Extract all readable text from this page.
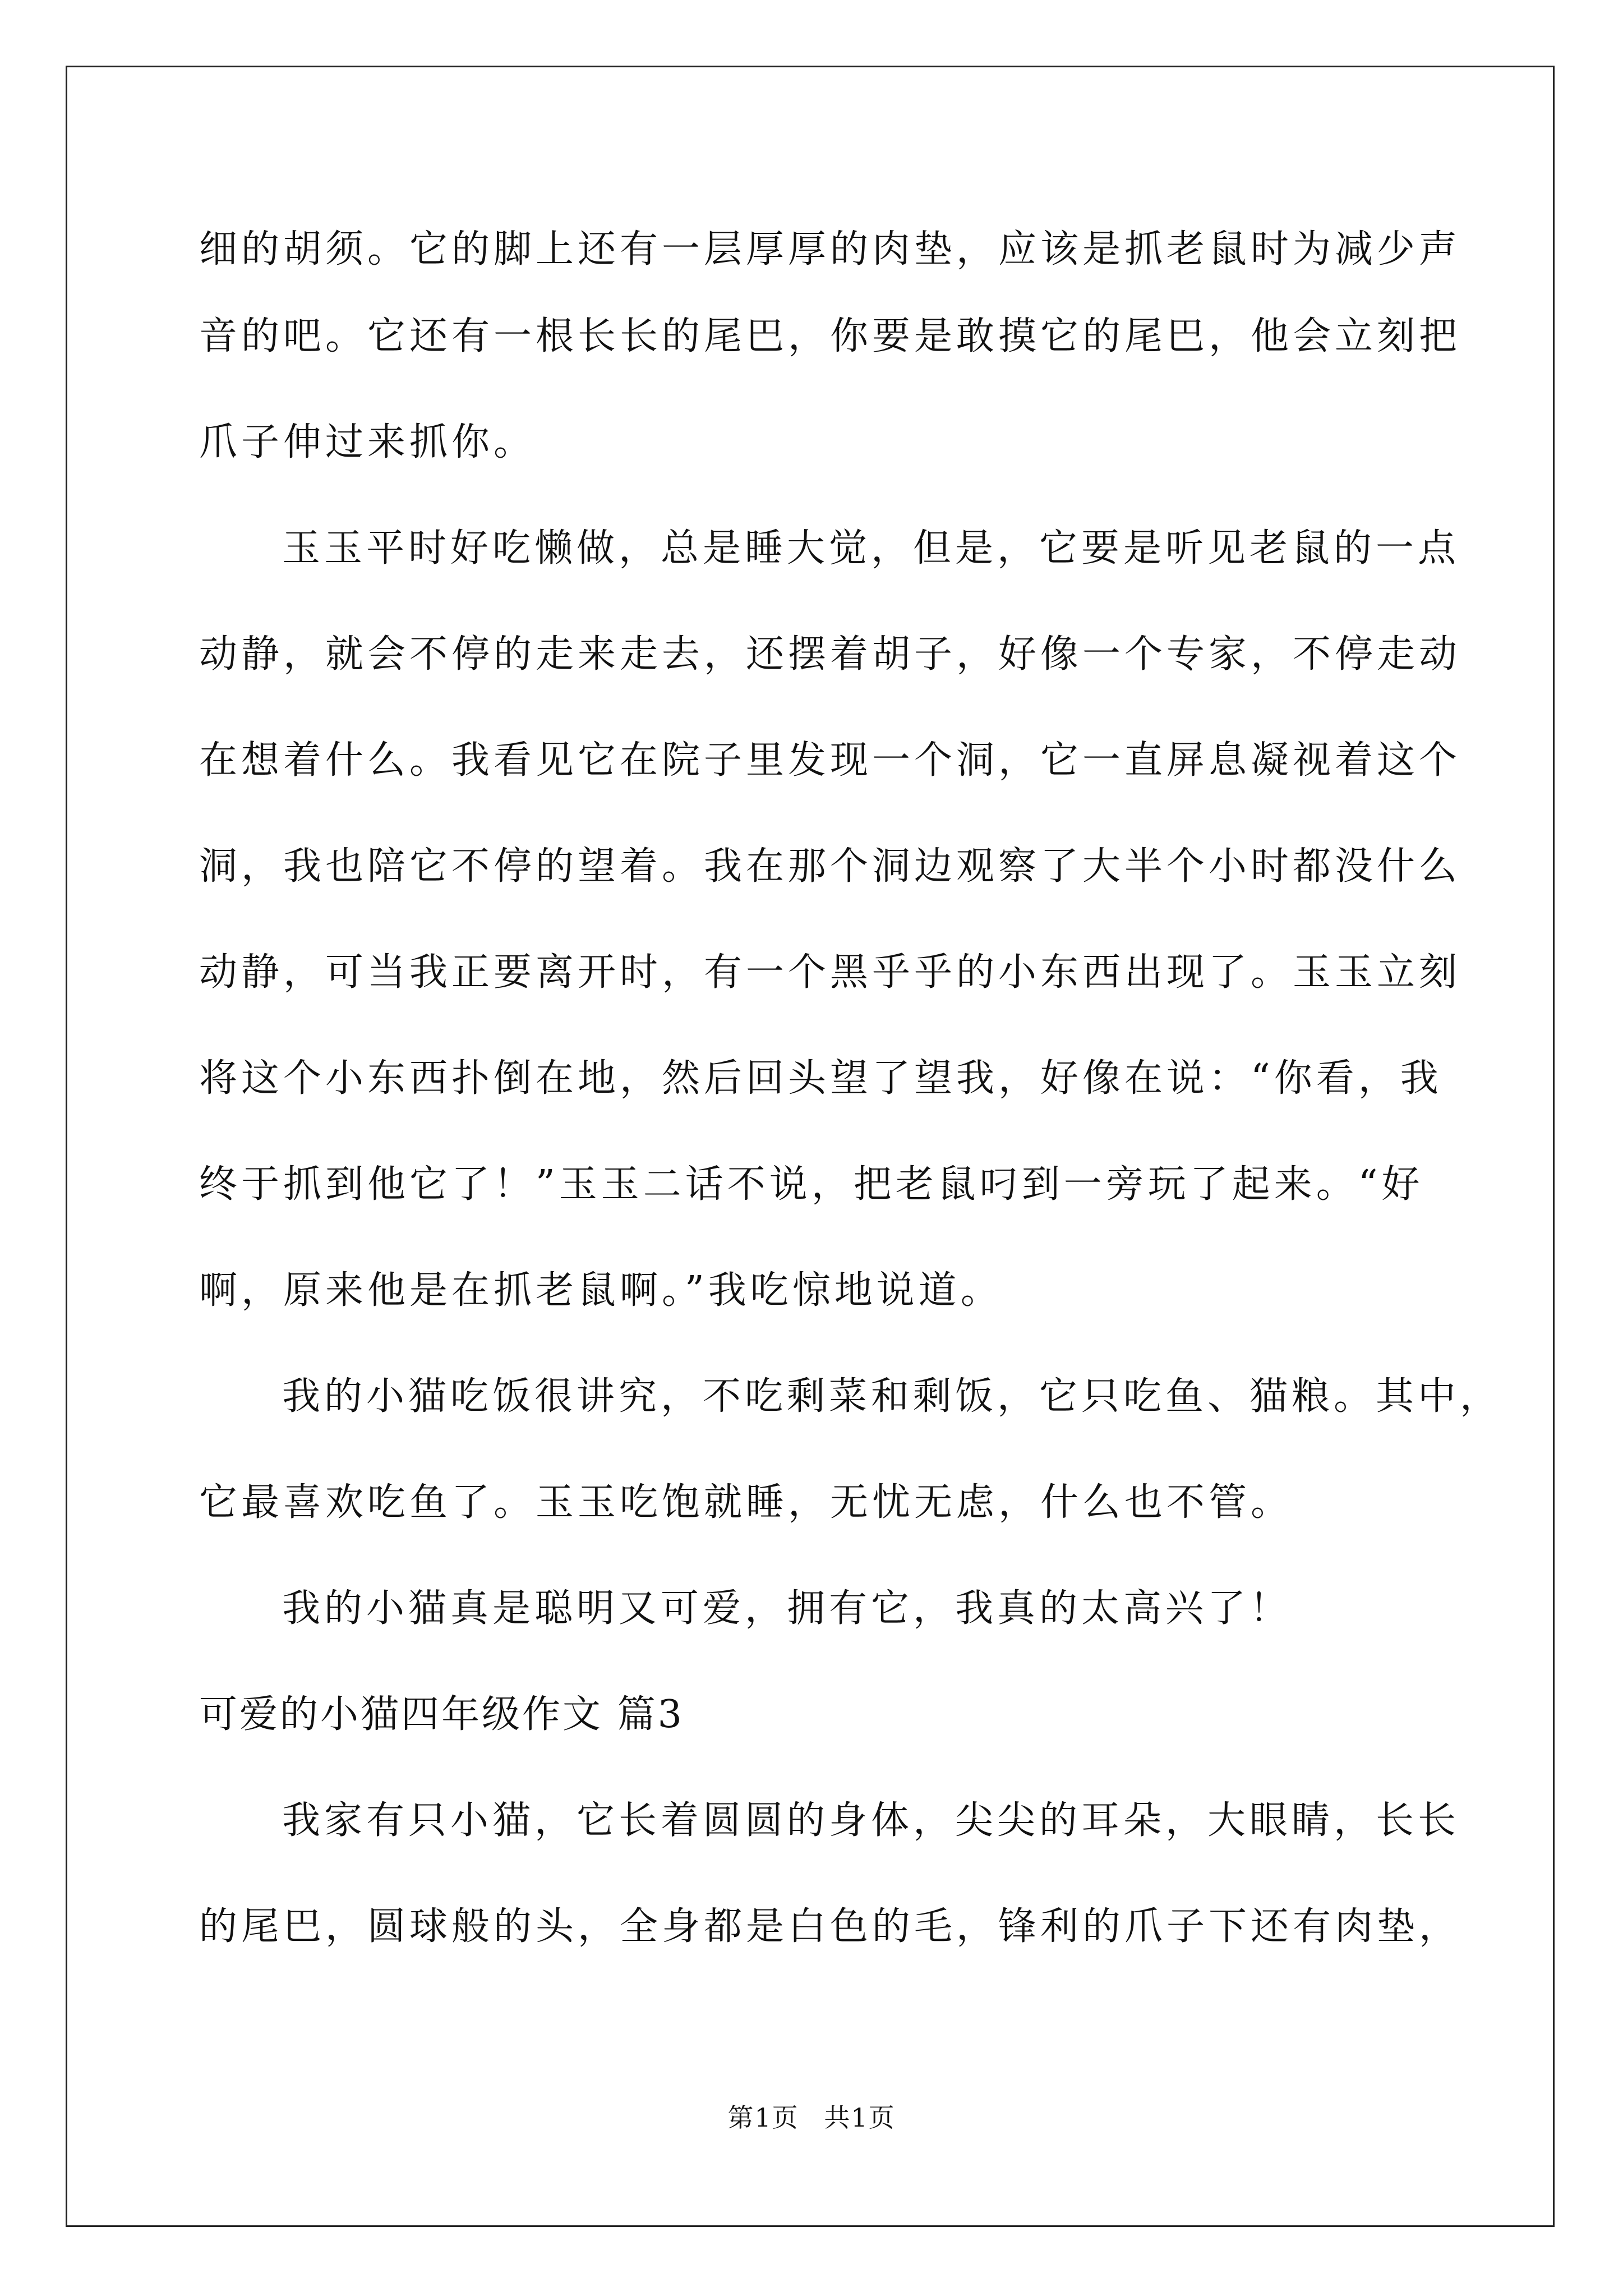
细的胡须。它的脚上还有一层厚厚的肉垫，应该是抓老鼠时为减少声
音的吧。它还有一根长长的尾巴，你要是敢摸它的尾巴，他会立刻把
爪子伸过来抓你。
玉玉平时好吃懒做，总是睡大觉，但是，它要是听见老鼠的一点
动静，就会不停的走来走去，还摆着胡子，好像一个专家，不停走动
在想着什么。我看见它在院子里发现一个洞，它一直屏息凝视着这个
洞，我也陪它不停的望着。我在那个洞边观察了大半个小时都没什么
动静，可当我正要离开时，有一个黑乎乎的小东西出现了。玉玉立刻
将这个小东西扑倒在地，然后回头望了望我，好像在说：“你看，我
终于抓到他它了！”玉玉二话不说，把老鼠叼到一旁玩了起来。“好
啊，原来他是在抓老鼠啊。”我吃惊地说道。
我的小猫吃饭很讲究，不吃剩菜和剩饭，它只吃鱼、猫粮。其中，
它最喜欢吃鱼了。玉玉吃饱就睡，无忧无虑，什么也不管。
我的小猫真是聪明又可爱，拥有它，我真的太高兴了！
可爱的小猫四年级作文 篇3
我家有只小猫，它长着圆圆的身体，尖尖的耳朵，大眼睛，长长
的尾巴，圆球般的头，全身都是白色的毛，锋利的爪子下还有肉垫，
第1页 共1页
